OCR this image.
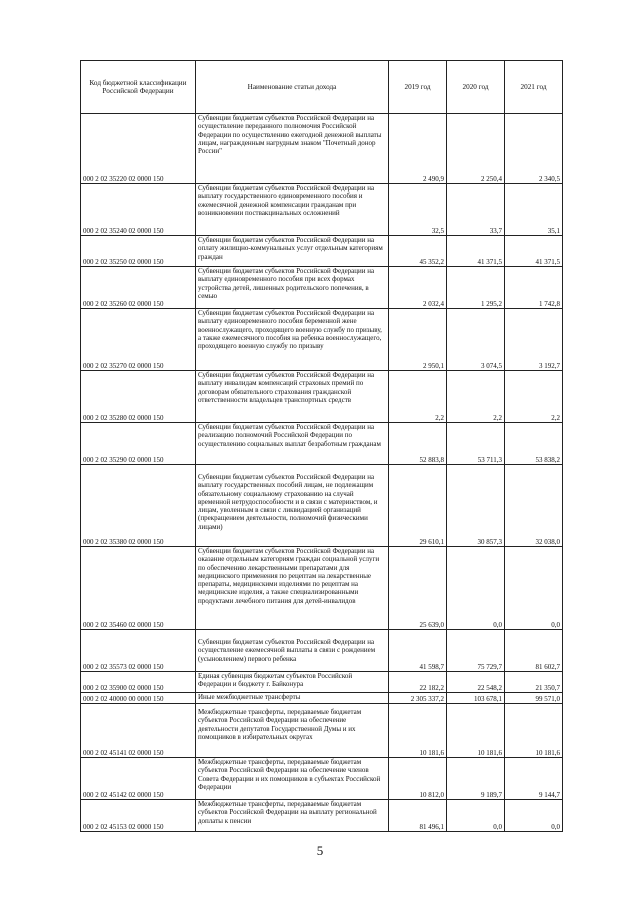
Код бюджетной классификации Российской Федерации	Наименование статьи дохода	2019 год	2020 год	2021 год
000 2 02 35220 02 0000 150	Субвенции бюджетам субъектов Российской Федерации на осуществление переданного полномочия Российской Федерации по осуществлению ежегодной денежной выплаты лицам, награжденным нагрудным знаком "Почетный донор России"	2 490,9	2 250,4	2 340,5
000 2 02 35240 02 0000 150	Субвенции бюджетам субъектов Российской Федерации на выплату государственного единовременного пособия и ежемесячной денежной компенсации гражданам при возникновении поствакцинальных осложнений	32,5	33,7	35,1
000 2 02 35250 02 0000 150	Субвенции бюджетам субъектов Российской Федерации на оплату жилищно-коммунальных услуг отдельным категориям граждан	45 352,2	41 371,5	41 371,5
000 2 02 35260 02 0000 150	Субвенции бюджетам субъектов Российской Федерации на выплату единовременного пособия при всех формах устройства детей, лишенных родительского попечения, в семью	2 032,4	1 295,2	1 742,8
000 2 02 35270 02 0000 150	Субвенции бюджетам субъектов Российской Федерации на выплату единовременного пособия беременной жене военнослужащего, проходящего военную службу по призыву, а также ежемесячного пособия на ребенка военнослужащего, проходящего военную службу по призыву	2 950,1	3 074,5	3 192,7
000 2 02 35280 02 0000 150	Субвенции бюджетам субъектов Российской Федерации на выплату инвалидам компенсаций страховых премий по договорам обязательного страхования гражданской ответственности владельцев транспортных средств	2,2	2,2	2,2
000 2 02 35290 02 0000 150	Субвенции бюджетам субъектов Российской Федерации на реализацию полномочий Российской Федерации по осуществлению социальных выплат безработным гражданам	52 883,8	53 711,3	53 838,2
000 2 02 35380 02 0000 150	Субвенции бюджетам субъектов Российской Федерации на выплату государственных пособий лицам, не подлежащим обязательному социальному страхованию на случай временной нетрудоспособности и в связи с материнством, и лицам, уволенным в связи с ликвидацией организаций (прекращением деятельности, полномочий физическими лицами)	29 610,1	30 857,3	32 038,0
000 2 02 35460 02 0000 150	Субвенции бюджетам субъектов Российской Федерации на оказание отдельным категориям граждан социальной услуги по обеспечению лекарственными препаратами для медицинского применения по рецептам на лекарственные препараты, медицинскими изделиями по рецептам на медицинские изделия, а также специализированными продуктами лечебного питания для детей-инвалидов	25 639,0	0,0	0,0
000 2 02 35573 02 0000 150	Субвенции бюджетам субъектов Российской Федерации на осуществление ежемесячной выплаты в связи с рождением (усыновлением) первого ребенка	41 598,7	75 729,7	81 602,7
000 2 02 35900 02 0000 150	Единая субвенция бюджетам субъектов Российской Федерации и бюджету г. Байконура	22 182,2	22 548,2	21 350,7
000 2 02 40000 00 0000 150	Иные межбюджетные трансферты	2 305 337,2	103 678,1	99 571,0
000 2 02 45141 02 0000 150	Межбюджетные трансферты, передаваемые бюджетам субъектов Российской Федерации на обеспечение деятельности депутатов Государственной Думы и их помощников в избирательных округах	10 181,6	10 181,6	10 181,6
000 2 02 45142 02 0000 150	Межбюджетные трансферты, передаваемые бюджетам субъектов Российской Федерации на обеспечение членов Совета Федерации и их помощников в субъектах Российской Федерации	10 812,0	9 189,7	9 144,7
000 2 02 45153 02 0000 150	Межбюджетные трансферты, передаваемые бюджетам субъектов Российской Федерации на выплату региональной доплаты к пенсии	81 496,1	0,0	0,0
5
